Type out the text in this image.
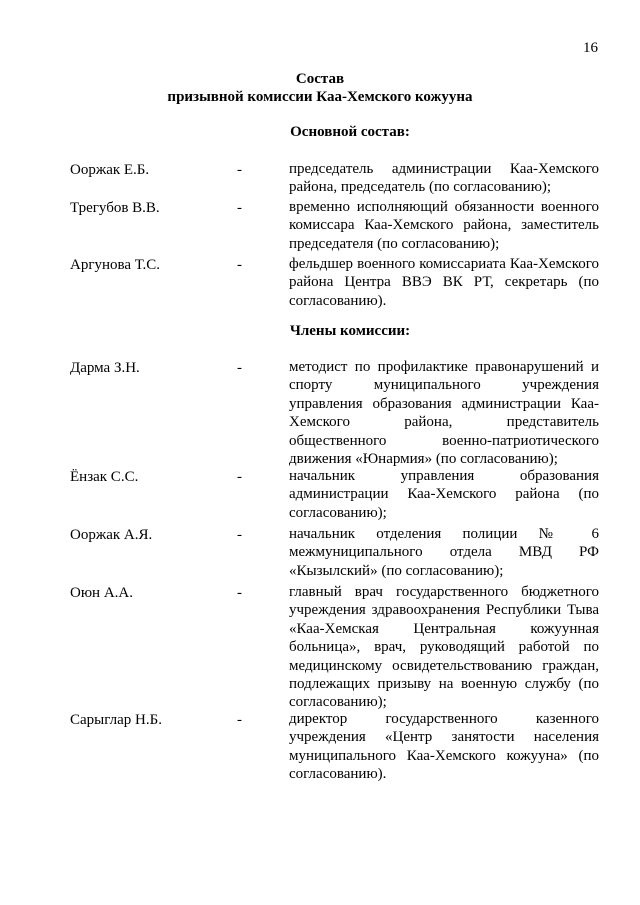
16
Состав
призывной комиссии Каа-Хемского кожууна
Основной состав:
Ооржак Е.Б.	-	председатель администрации Каа-Хемского района, председатель (по согласованию);
Трегубов В.В.	-	временно исполняющий обязанности военного комиссара Каа-Хемского района, заместитель председателя (по согласованию);
Аргунова Т.С.	-	фельдшер военного комиссариата Каа-Хемского района Центра ВВЭ ВК РТ, секретарь (по согласованию).
Члены комиссии:
Дарма З.Н.	-	методист по профилактике правонарушений и спорту муниципального учреждения управления образования администрации Каа-Хемского района, представитель общественного военно-патриотического движения «Юнармия» (по согласованию);
Ёнзак С.С.	-	начальник управления образования администрации Каа-Хемского района (по согласованию);
Ооржак А.Я.	-	начальник отделения полиции № 6 межмуниципального отдела МВД РФ «Кызылский» (по согласованию);
Оюн А.А.	-	главный врач государственного бюджетного учреждения здравоохранения Республики Тыва «Каа-Хемская Центральная кожуунная больница», врач, руководящий работой по медицинскому освидетельствованию граждан, подлежащих призыву на военную службу (по согласованию);
Сарыглар Н.Б.	-	директор государственного казенного учреждения «Центр занятости населения муниципального Каа-Хемского кожууна» (по согласованию).
